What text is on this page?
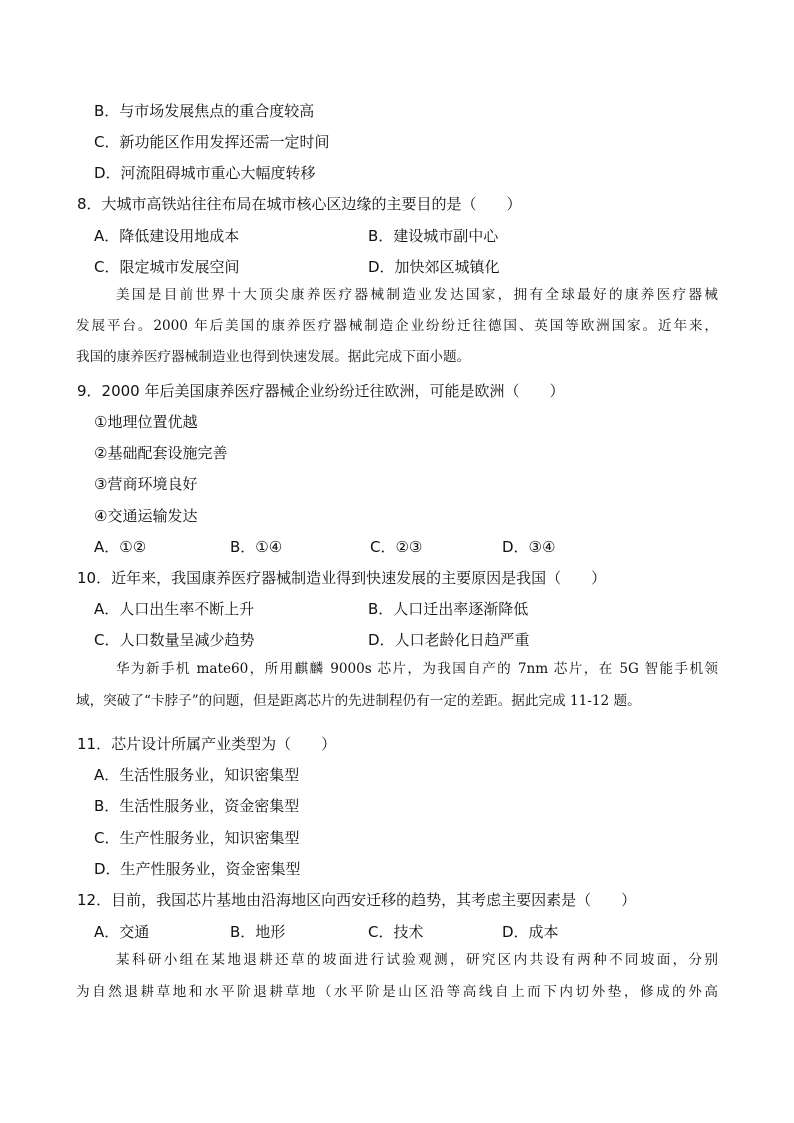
B．与市场发展焦点的重合度较高
C．新功能区作用发挥还需一定时间
D．河流阻碍城市重心大幅度转移
8．大城市高铁站往往布局在城市核心区边缘的主要目的是（　　）
A．降低建设用地成本	B．建设城市副中心
C．限定城市发展空间	D．加快郊区城镇化
美国是目前世界十大顶尖康养医疗器械制造业发达国家，拥有全球最好的康养医疗器械
发展平台。2000 年后美国的康养医疗器械制造企业纷纷迁往德国、英国等欧洲国家。近年来，
我国的康养医疗器械制造业也得到快速发展。据此完成下面小题。
9．2000 年后美国康养医疗器械企业纷纷迁往欧洲，可能是欧洲（　　）
①地理位置优越
②基础配套设施完善
③营商环境良好
④交通运输发达
A．①②	B．①④	C．②③	D．③④
10．近年来，我国康养医疗器械制造业得到快速发展的主要原因是我国（　　）
A．人口出生率不断上升	B．人口迁出率逐渐降低
C．人口数量呈减少趋势	D．人口老龄化日趋严重
华为新手机 mate60，所用麒麟 9000s 芯片，为我国自产的 7nm 芯片，在 5G 智能手机领
域，突破了“卡脖子”的问题，但是距离芯片的先进制程仍有一定的差距。据此完成 11-12 题。
11．芯片设计所属产业类型为（　　）
A．生活性服务业，知识密集型
B．生活性服务业，资金密集型
C．生产性服务业，知识密集型
D．生产性服务业，资金密集型
12．目前，我国芯片基地由沿海地区向西安迁移的趋势，其考虑主要因素是（　　）
A．交通	B．地形	C．技术	D．成本
某科研小组在某地退耕还草的坡面进行试验观测，研究区内共设有两种不同坡面，分别
为自然退耕草地和水平阶退耕草地（水平阶是山区沿等高线自上而下内切外垫，修成的外高
